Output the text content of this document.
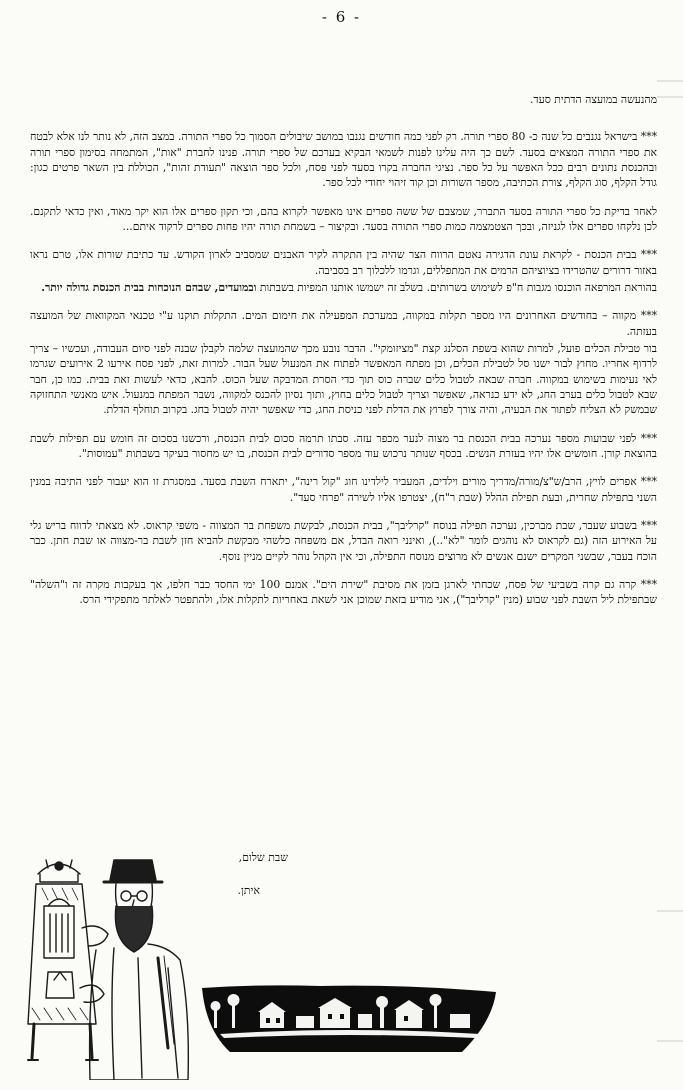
- 6 -

מהנעשה במועצה הדתית סעד.

*** בישראל נגנבים כל שנה כ- 80 ספרי תורה. רק לפני כמה חודשים נגנבו במושב שיבולים הסמוך כל ספרי התורה. במצב הזה, לא נותר לנו אלא לבטח את ספרי התורה המצאים בסעד. לשם כך היה עלינו לפנות לשמאי הבקיא בערכם של ספרי תורה. פנינו לחברת "אות", המתמחה בסימון ספרי תורה ובהכנסת נתונים רבים ככל האפשר על כל ספר. נציגי החברה בקרו בסעד לפני פסח, ולכל ספר הוצאה "תעודת זהות", הכוללת בין השאר פרטים כגון: גודל הקלף, סוג הקלף, צורת הכתיבה, מספר השורות וכן קוד זיהוי יחודי לכל ספר.

לאחר בדיקת כל ספרי התורה בסעד התברר, שמצבם של ששה ספרים אינו מאפשר לקרוא בהם, וכי תקון ספרים אלו הוא יקר מאוד, ואין כדאי לתקנם. לכן נלקחו ספרים אלו לגניזה, ובכך הצטמצמה כמות ספרי התורה בסעד. ובקיצור – בשמחת תורה יהיו פחות ספרים לרקוד איתם...

*** בבית הכנסת - לקראת עונת הדגירה נאטם הרווח הצר שהיה בין התקרה לקיר האבנים שמסביב לארון הקודש. עד כתיבת שורות אלו, טרם נראו באזור דרורים שהטרידו בציוציהם הרמים את המתפללים, וגרמו ללכלוך רב בסביבה.

בהוראת המרפאה הוכנסו מגבות ח"פ לשימוש בשרותים. בשלב זה ישמשו אותנו המפיות בשבתות ובמועדים, שבהם הנוכחות בבית הכנסת גדולה יותר.

*** מקווה – בחודשים האחרונים היו מספר תקלות במקווה, במערכת המפעילה את חימום המים. התקלות תוקנו ע"י טכנאי המקוואות של המועצה בעזתה.

בור טבילת הכלים פועל, למרות שהוא בשפת הסלנג קצת "מציזומקי". הדבר נובע מכך שהמועצה שלמה לקבלן שבנה לפני סיום העבודה, ועכשיו – צריך לרדוף אחריו. מחוץ לבור ישנו סל לטבילת הכלים, וכן מפתח המאפשר לפתוח את המנעול שעל הבור. למרות זאת, לפני פסח אירעו 2 אירועים שגרמו לאי נעימות בשימוש במקווה. חברה שבאה לטבול כלים שברה כוס תוך כדי הסרת המדבקה שעל הכוס. להבא, כדאי לעשות זאת בבית. כמו כן, חבר שבא לטבול כלים בערב החג, לא ידע כנראה, שאפשר וצריך לטבול כלים בחוץ, ותוך נסיון להכנס למקווה, נשבר המפתח במנעול. איש מאנשי התחזוקה שבמשק לא הצליח לפתור את הבעיה, והיה צורך לפרוץ את הדלת לפני כניסת החג, כדי שאפשר יהיה לטבול בחג. בקרוב תוחלף הדלת.

*** לפני שבועות מספר נערכה בבית הכנסת בר מצוה לנער מכפר עזה. סבתו תרמה סכום לבית הכנסת, ורכשנו בסכום זה חומש עם תפילות לשבת בהוצאת קורן. חומשים אלו יהיו בעזרת הנשים. בכסף שנותר נרכוש עוד מספר סדורים לבית הכנסת, בו יש מחסור בעיקר בשבתות "עמוסות".

*** אפרים לויץ, הרב/ש"צ/מורה/מדריך מורים וילדים, המעביר לילדינו חוג "קול רינה", יתארח השבת בסעד. במסגרת זו הוא יעבור לפני התיבה במנין השני בתפילת שחרית, ובעת תפילת ההלל (שבת ר"ח), יצטרפו אליו לשירה "פרחי סעד".

*** בשבוע שעבר, שבת מברכין, נערכה תפילה בנוסח "קרליבך", בבית הכנסת, לבקשת משפחת בר המצווה - משפי קראוס. לא מצאתי לדווח בריש גלי על האירוע הזה (גם לקראוס לא נוהגים לומר "לא"..), ואינני רואה הבדל, אם משפחה כלשהי מבקשת להביא חזן לשבת בר-מצווה או שבת חתן. כבר הוכח בעבר, שבשני המקרים ישנם אנשים לא מרוצים מנוסח התפילה, וכי אין הקהל נוהר לקיים מניין נוסף.

*** קרה גם קרה בשביעי של פסח, שכחתי לארגן בזמן את מסיבת "שירת הים". אמנם 100 ימי החסד כבר חלפו, אך בעקבות מקרה זה ו"השלה" שבתפילת ליל השבת לפני שבוע (מנין "קרליבך"), אני מודיע בזאת שמוכן אני לשאת באחריות לתקלות אלו, ולהתפטר לאלתר מתפקידי הרס.

שבת שלום,
איתן.
